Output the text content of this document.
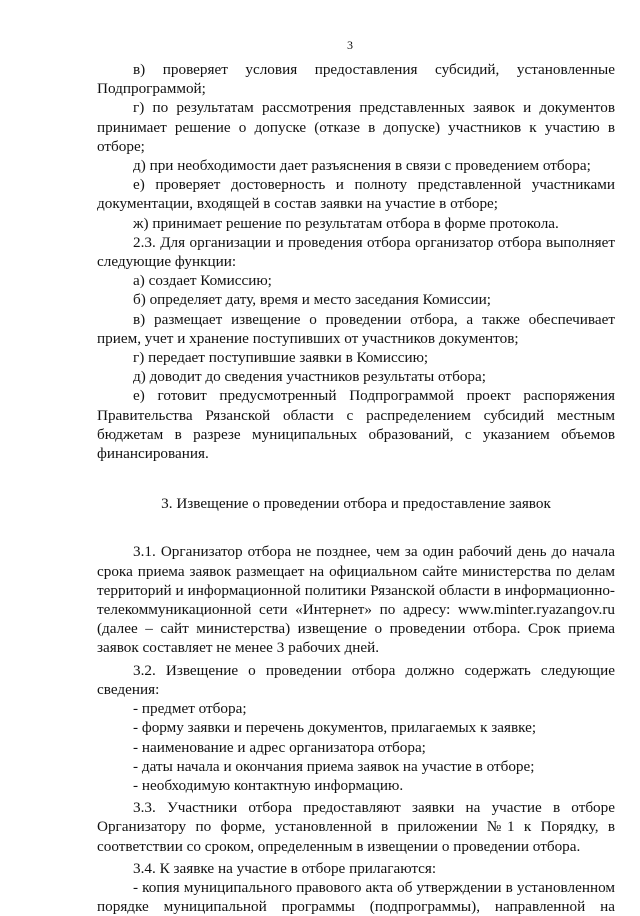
3

в) проверяет условия предоставления субсидий, установленные Подпрограммой;

г) по результатам рассмотрения представленных заявок и документов принимает решение о допуске (отказе в допуске) участников к участию в отборе;

д) при необходимости дает разъяснения в связи с проведением отбора;

е) проверяет достоверность и полноту представленной участниками документации, входящей в состав заявки на участие в отборе;

ж) принимает решение по результатам отбора в форме протокола.

2.3. Для организации и проведения отбора организатор отбора выполняет следующие функции:

а) создает Комиссию;

б) определяет дату, время и место заседания Комиссии;

в) размещает извещение о проведении отбора, а также обеспечивает прием, учет и хранение поступивших от участников документов;

г) передает поступившие заявки в Комиссию;

д) доводит до сведения участников результаты отбора;

е) готовит предусмотренный Подпрограммой проект распоряжения Правительства Рязанской области с распределением субсидий местным бюджетам в разрезе муниципальных образований, с указанием объемов финансирования.

3. Извещение о проведении отбора и предоставление заявок

3.1. Организатор отбора не позднее, чем за один рабочий день до начала срока приема заявок размещает на официальном сайте министерства по делам территорий и информационной политики Рязанской области в информационно-телекоммуникационной сети «Интернет» по адресу: www.minter.ryazangov.ru (далее – сайт министерства) извещение о проведении отбора. Срок приема заявок составляет не менее 3 рабочих дней.

3.2. Извещение о проведении отбора должно содержать следующие сведения:

- предмет отбора;

- форму заявки и перечень документов, прилагаемых к заявке;

- наименование и адрес организатора отбора;

- даты начала и окончания приема заявок на участие в отборе;

- необходимую контактную информацию.

3.3. Участники отбора предоставляют заявки на участие в отборе Организатору по форме, установленной в приложении №1 к Порядку, в соответствии со сроком, определенным в извещении о проведении отбора.

3.4. К заявке на участие в отборе прилагаются:

- копия муниципального правового акта об утверждении в установленном порядке муниципальной программы (подпрограммы), направленной на
